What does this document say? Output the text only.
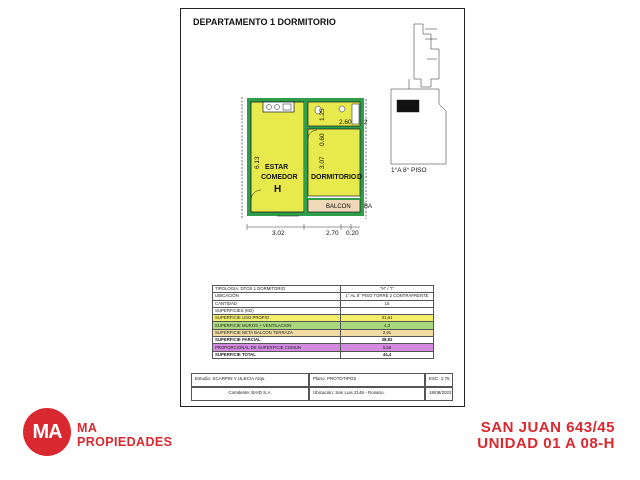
DEPARTAMENTO 1 DORMITORIO
ESTAR
COMEDOR
H
DORMITORIO D
BALCON BA
6.13	3.07
0.60
1.25
2.60 2
3.02	2.70 0.20
1°A 8° PISO
TIPOLOGIA: DTOS 1 DORMITORIO	"H" / "I"
UBICACIÓN	1° AL 8° PISO TORRE 2 CONTRAFRENTE
CANTIDAD	16
SUPERFICIES (M2)	
SUPERFICIE USO PROPIO	31,61
SUPERFICIE MUROS + VENTILACION	4,3
SUPERFICIE NETA BALCON TERRAZA	2,91
SUPERFICIE PARCIAL	38,82
PROPORCIONAL DE SUPERFICIE COMUN	5,58
SUPERFICIE TOTAL	44,4
Estudio: SCARPIN Y ULECIA Arqs.	Plano: PROTOTIPOS	ESC: 1:75
Comitente: BAID S.A.	Ubicación: San Luis 2146 - Rosario.	18/08/2022
MA	MA
PROPIEDADES
SAN JUAN 643/45
UNIDAD 01 A 08-H
